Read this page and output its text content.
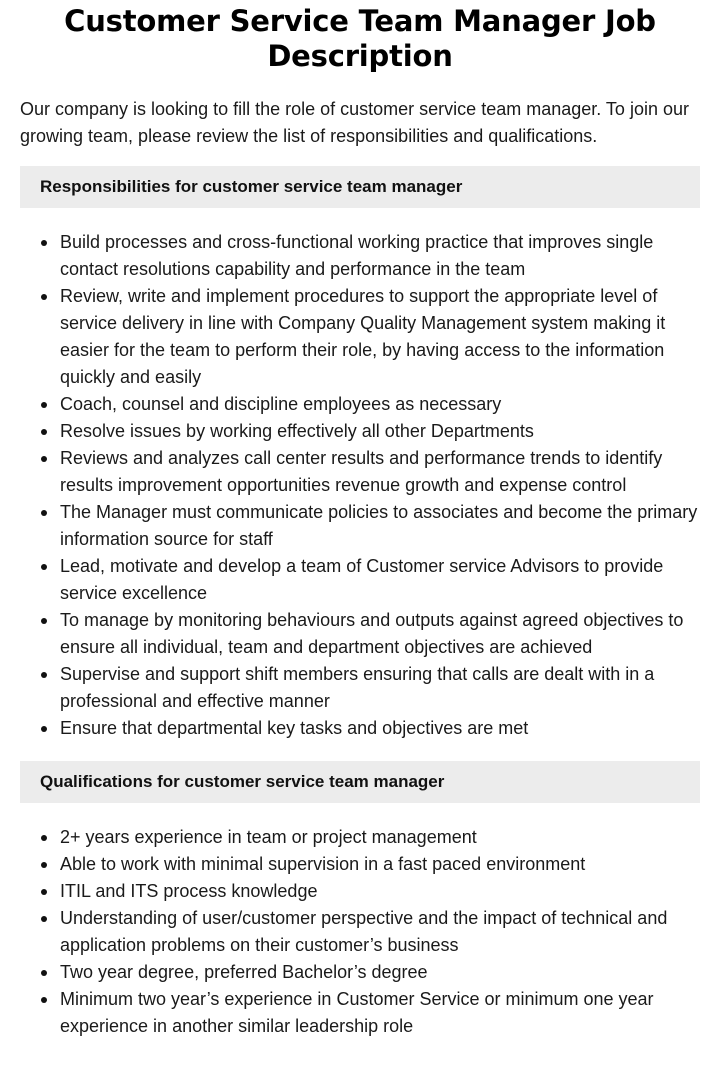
Customer Service Team Manager Job Description

Our company is looking to fill the role of customer service team manager. To join our growing team, please review the list of responsibilities and qualifications.

Responsibilities for customer service team manager
Build processes and cross-functional working practice that improves single contact resolutions capability and performance in the team
Review, write and implement procedures to support the appropriate level of service delivery in line with Company Quality Management system making it easier for the team to perform their role, by having access to the information quickly and easily
Coach, counsel and discipline employees as necessary
Resolve issues by working effectively all other Departments
Reviews and analyzes call center results and performance trends to identify results improvement opportunities revenue growth and expense control
The Manager must communicate policies to associates and become the primary information source for staff
Lead, motivate and develop a team of Customer service Advisors to provide service excellence
To manage by monitoring behaviours and outputs against agreed objectives to ensure all individual, team and department objectives are achieved
Supervise and support shift members ensuring that calls are dealt with in a professional and effective manner
Ensure that departmental key tasks and objectives are met
Qualifications for customer service team manager
2+ years experience in team or project management
Able to work with minimal supervision in a fast paced environment
ITIL and ITS process knowledge
Understanding of user/customer perspective and the impact of technical and application problems on their customer’s business
Two year degree, preferred Bachelor’s degree
Minimum two year’s experience in Customer Service or minimum one year experience in another similar leadership role
